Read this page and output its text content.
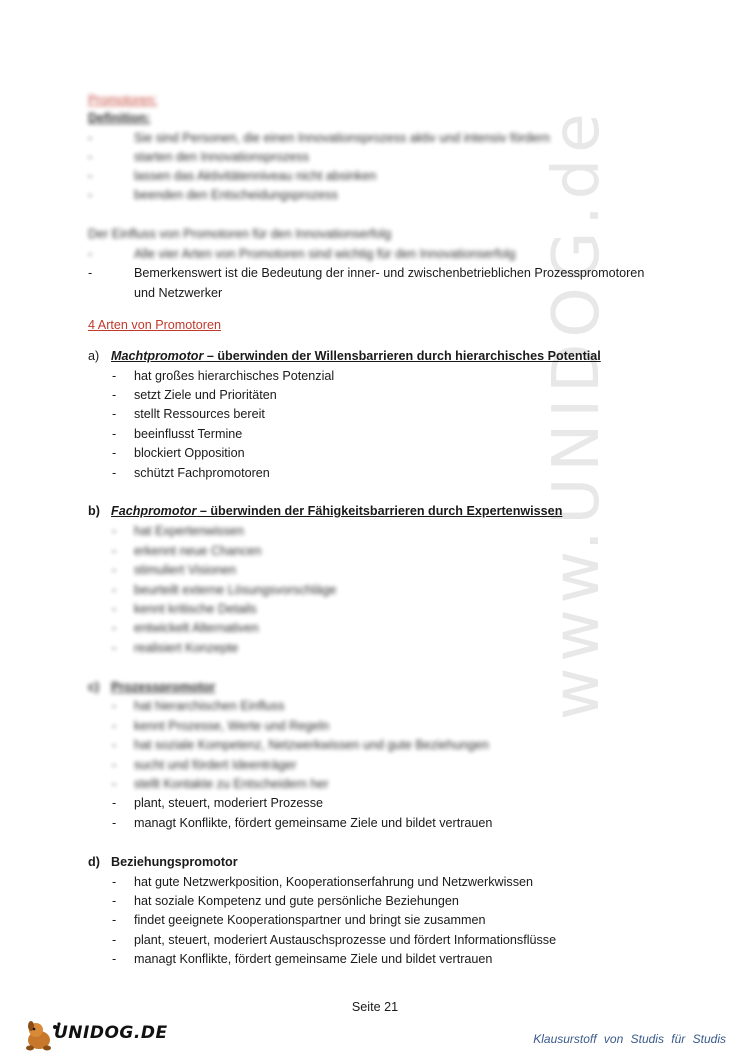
www.UNIDOG.de
Promotoren:
Definition:
-	Sie sind Personen, die einen Innovationsprozess aktiv und intensiv fördern
-	starten den Innovationsprozess
-	lassen das Aktivitätenniveau nicht absinken
-	beenden den Entscheidungsprozess
Der Einfluss von Promotoren für den Innovationserfolg
-	Alle vier Arten von Promotoren sind wichtig für den Innovationserfolg
-	Bemerkenswert ist die Bedeutung der inner- und zwischenbetrieblichen Prozesspromotoren
und Netzwerker
4 Arten von Promotoren
a) Machtpromotor – überwinden der Willensbarrieren durch hierarchisches Potential
- hat großes hierarchisches Potenzial
- setzt Ziele und Prioritäten
- stellt Ressources bereit
- beeinflusst Termine
- blockiert Opposition
- schützt Fachpromotoren
b) Fachpromotor – überwinden der Fähigkeitsbarrieren durch Expertenwissen
- hat Expertenwissen
- erkennt neue Chancen
- stimuliert Visionen
- beurteilt externe Lösungsvorschläge
- kennt kritische Details
- entwickelt Alternativen
- realisiert Konzepte
c) Prozesspromotor
- hat hierarchischen Einfluss
- kennt Prozesse, Werte und Regeln
- hat soziale Kompetenz, Netzwerkwissen und gute Beziehungen
- sucht und fördert Ideenträger
- stellt Kontakte zu Entscheidern her
- plant, steuert, moderiert Prozesse
- managt Konflikte, fördert gemeinsame Ziele und bildet vertrauen
d) Beziehungspromotor
- hat gute Netzwerkposition, Kooperationserfahrung und Netzwerkwissen
- hat soziale Kompetenz und gute persönliche Beziehungen
- findet geeignete Kooperationspartner und bringt sie zusammen
- plant, steuert, moderiert Austauschsprozesse und fördert Informationsflüsse
- managt Konflikte, fördert gemeinsame Ziele und bildet vertrauen
Seite 21
UNIDOG.DE	Klausurstoff von Studis für Studis
